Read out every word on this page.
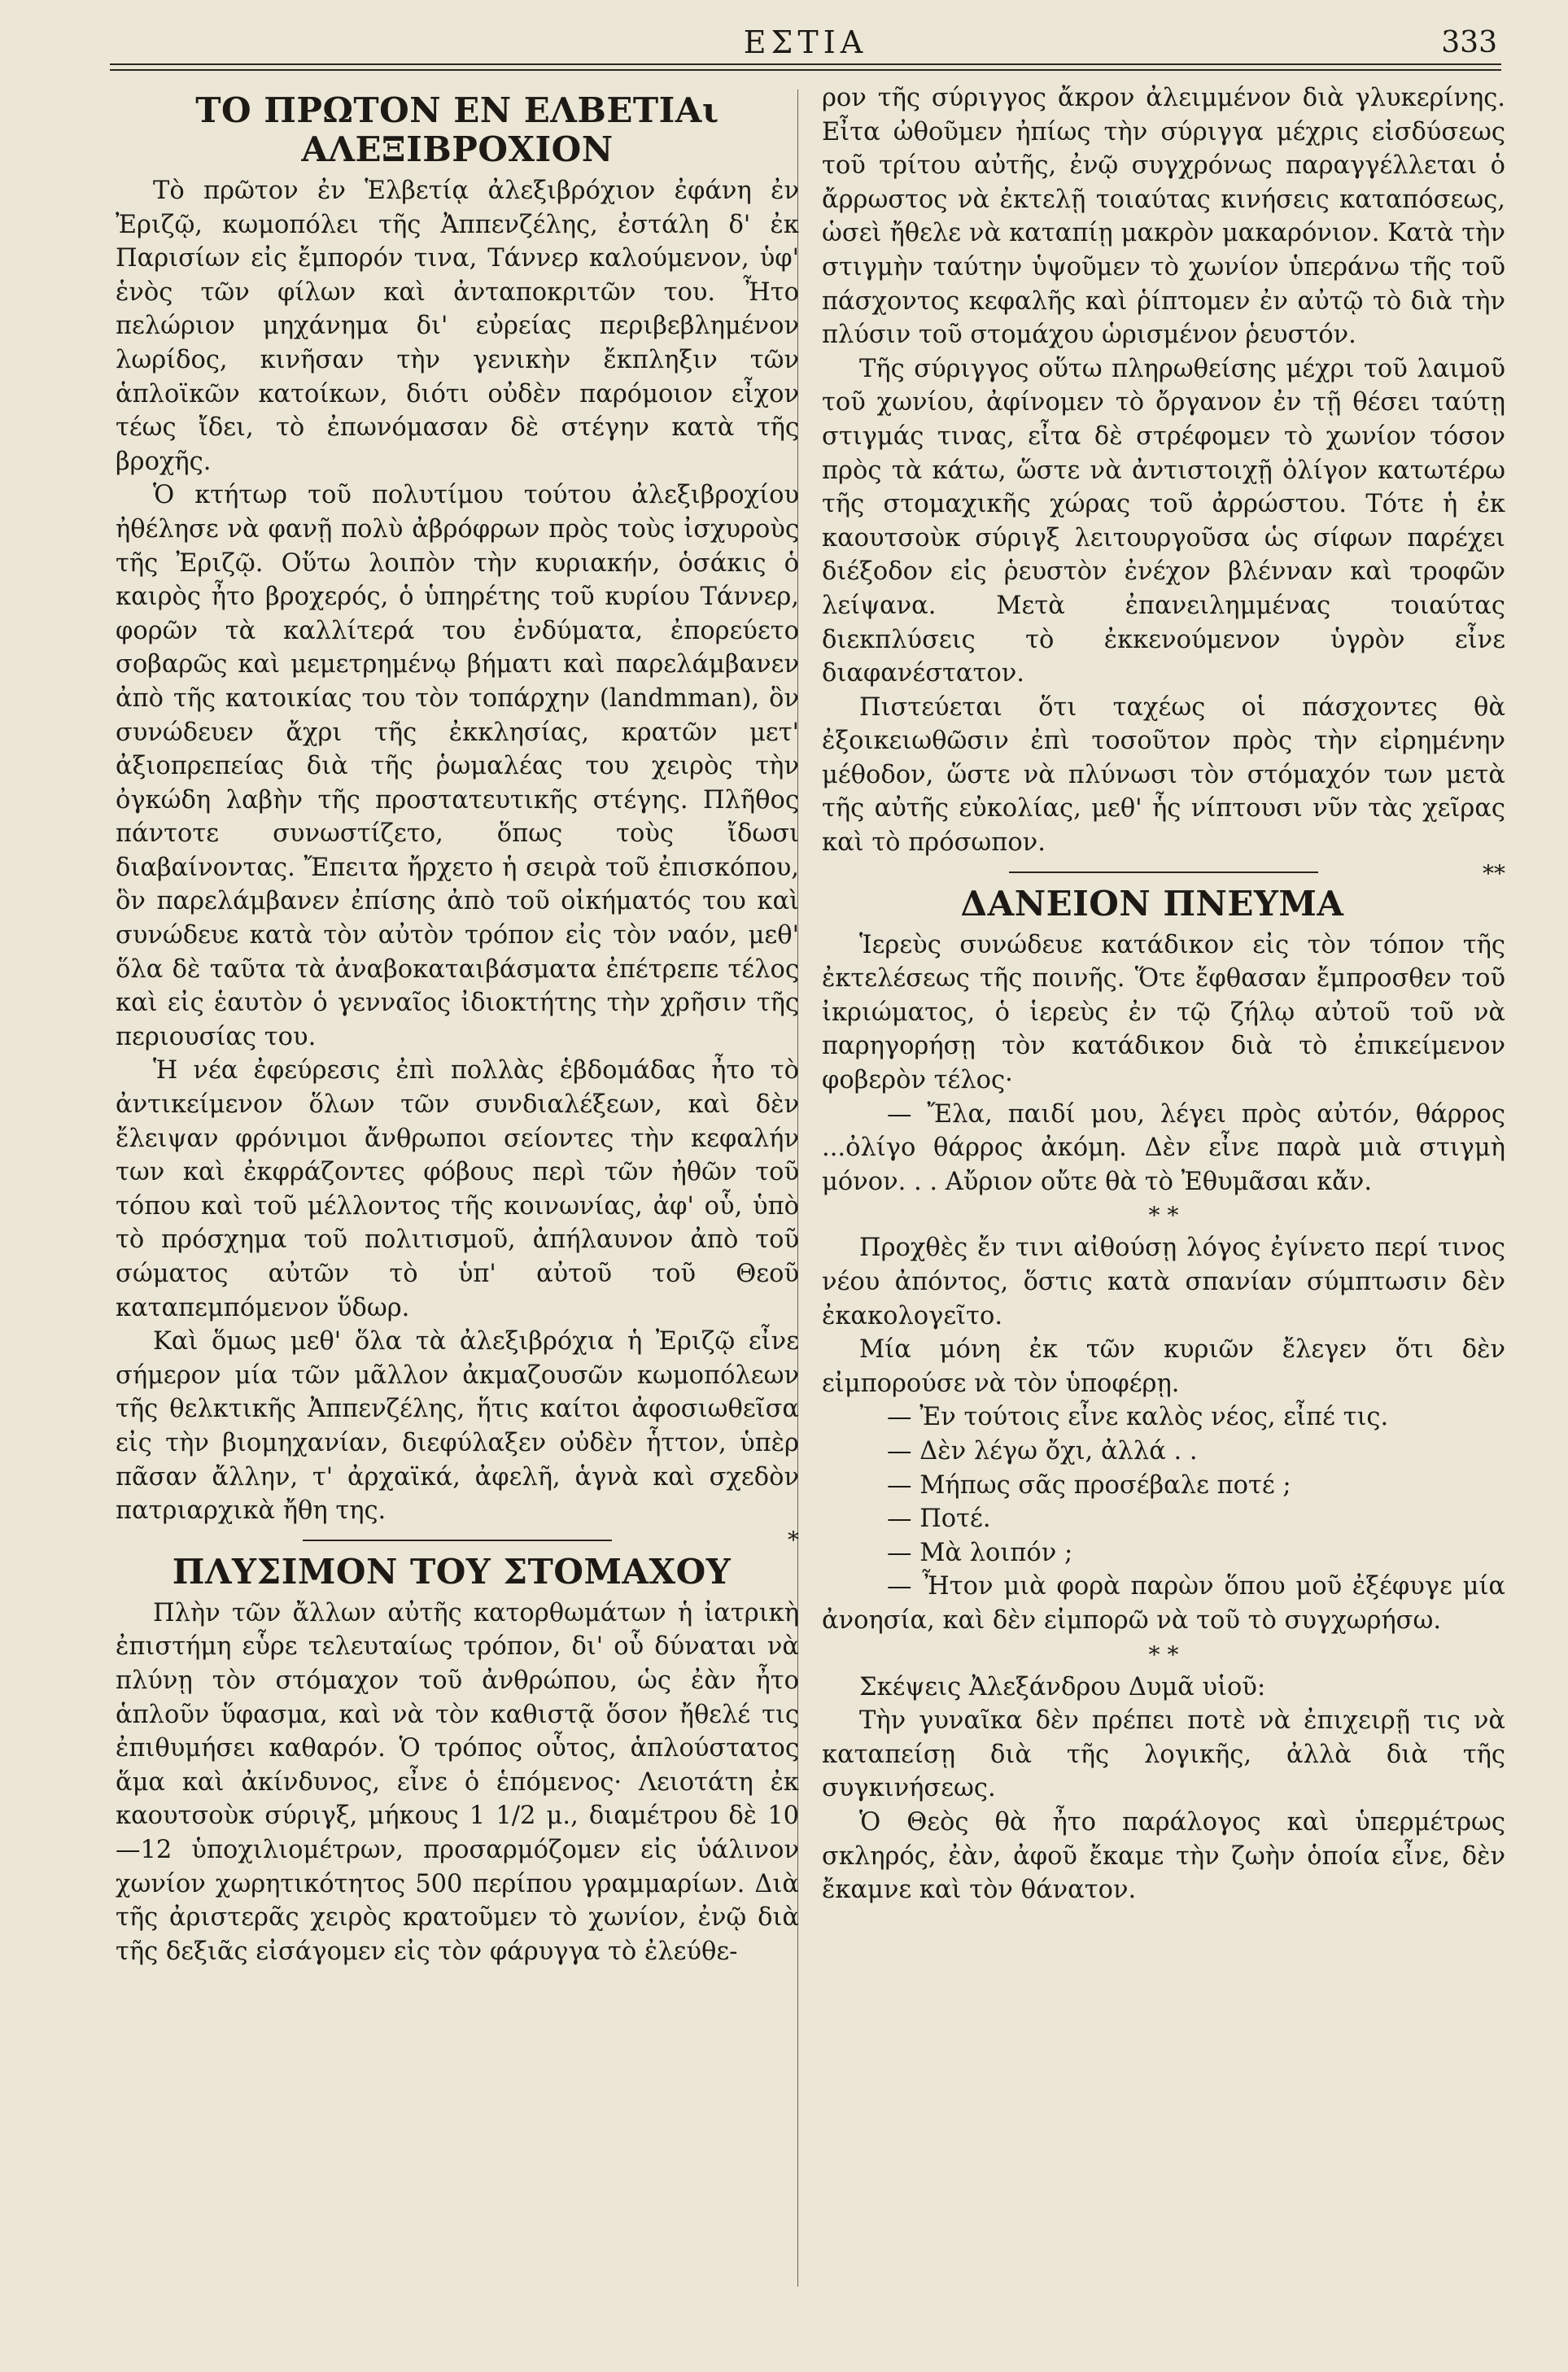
ΕΣΤΙΑ	333
ΤΟ ΠΡΩΤΟΝ ΕΝ ΕΛΒΕΤΙΑι ΑΛΕΞΙΒΡΟΧΙΟΝ

Τὸ πρῶτον ἐν Ἑλβετίᾳ ἀλεξιβρόχιον ἐφάνη ἐν Ἐριζῷ, κωμοπόλει τῆς Ἀππενζέλης, ἐστάλη δ' ἐκ Παρισίων εἰς ἔμπορόν τινα, Τάννερ καλούμενον, ὑφ' ἑνὸς τῶν φίλων καὶ ἀνταποκριτῶν του. Ἦτο πελώριον μηχάνημα δι' εὐρείας περιβεβλημένον λωρίδος, κινῆσαν τὴν γενικὴν ἔκπληξιν τῶν ἁπλοϊκῶν κατοίκων, διότι οὐδὲν παρόμοιον εἶχον τέως ἴδει, τὸ ἐπωνόμασαν δὲ στέγην κατὰ τῆς βροχῆς.

Ὁ κτήτωρ τοῦ πολυτίμου τούτου ἀλεξιβροχίου ἠθέλησε νὰ φανῇ πολὺ ἀβρόφρων πρὸς τοὺς ἰσχυροὺς τῆς Ἐριζῷ. Οὕτω λοιπὸν τὴν κυριακήν, ὁσάκις ὁ καιρὸς ἦτο βροχερός, ὁ ὑπηρέτης τοῦ κυρίου Τάννερ, φορῶν τὰ καλλίτερά του ἐνδύματα, ἐπορεύετο σοβαρῶς καὶ μεμετρημένῳ βήματι καὶ παρελάμβανεν ἀπὸ τῆς κατοικίας του τὸν τοπάρχην (landmman), ὃν συνώδευεν ἄχρι τῆς ἐκκλησίας, κρατῶν μετ' ἀξιοπρεπείας διὰ τῆς ῥωμαλέας του χειρὸς τὴν ὀγκώδη λαβὴν τῆς προστατευτικῆς στέγης. Πλῆθος πάντοτε συνωστίζετο, ὅπως τοὺς ἴδωσι διαβαίνοντας. Ἔπειτα ἤρχετο ἡ σειρὰ τοῦ ἐπισκόπου, ὃν παρελάμβανεν ἐπίσης ἀπὸ τοῦ οἰκήματός του καὶ συνώδευε κατὰ τὸν αὐτὸν τρόπον εἰς τὸν ναόν, μεθ' ὅλα δὲ ταῦτα τὰ ἀναβοκαταιβάσματα ἐπέτρεπε τέλος καὶ εἰς ἑαυτὸν ὁ γενναῖος ἰδιοκτήτης τὴν χρῆσιν τῆς περιουσίας του.

Ἡ νέα ἐφεύρεσις ἐπὶ πολλὰς ἑβδομάδας ἦτο τὸ ἀντικείμενον ὅλων τῶν συνδιαλέξεων, καὶ δὲν ἔλειψαν φρόνιμοι ἄνθρωποι σείοντες τὴν κεφαλήν των καὶ ἐκφράζοντες φόβους περὶ τῶν ἠθῶν τοῦ τόπου καὶ τοῦ μέλλοντος τῆς κοινωνίας, ἀφ' οὗ, ὑπὸ τὸ πρόσχημα τοῦ πολιτισμοῦ, ἀπήλαυνον ἀπὸ τοῦ σώματος αὐτῶν τὸ ὑπ' αὐτοῦ τοῦ Θεοῦ καταπεμπόμενον ὕδωρ.

Καὶ ὅμως μεθ' ὅλα τὰ ἀλεξιβρόχια ἡ Ἐριζῷ εἶνε σήμερον μία τῶν μᾶλλον ἀκμαζουσῶν κωμοπόλεων τῆς θελκτικῆς Ἀππενζέλης, ἥτις καίτοι ἀφοσιωθεῖσα εἰς τὴν βιομηχανίαν, διεφύλαξεν οὐδὲν ἧττον, ὑπὲρ πᾶσαν ἄλλην, τ' ἀρχαϊκά, ἀφελῆ, ἁγνὰ καὶ σχεδὸν πατριαρχικὰ ἤθη της.

*
ΠΛΥΣΙΜΟΝ ΤΟΥ ΣΤΟΜΑΧΟΥ

Πλὴν τῶν ἄλλων αὐτῆς κατορθωμάτων ἡ ἰατρικὴ ἐπιστήμη εὗρε τελευταίως τρόπον, δι' οὗ δύναται νὰ πλύνῃ τὸν στόμαχον τοῦ ἀνθρώπου, ὡς ἐὰν ἦτο ἁπλοῦν ὕφασμα, καὶ νὰ τὸν καθιστᾷ ὅσον ἤθελέ τις ἐπιθυμήσει καθαρόν. Ὁ τρόπος οὗτος, ἁπλούστατος ἅμα καὶ ἀκίνδυνος, εἶνε ὁ ἑπόμενος· Λειοτάτη ἐκ καουτσοὺκ σύριγξ, μήκους 1 1/2 μ., διαμέτρου δὲ 10—12 ὑποχιλιομέτρων, προσαρμόζομεν εἰς ὑάλινον χωνίον χωρητικότητος 500 περίπου γραμμαρίων. Διὰ τῆς ἀριστερᾶς χειρὸς κρατοῦμεν τὸ χωνίον, ἐνῷ διὰ τῆς δεξιᾶς εἰσάγομεν εἰς τὸν φάρυγγα τὸ ἐλεύθε-

ρον τῆς σύριγγος ἄκρον ἀλειμμένον διὰ γλυκερίνης. Εἶτα ὠθοῦμεν ἠπίως τὴν σύριγγα μέχρις εἰσδύσεως τοῦ τρίτου αὐτῆς, ἐνῷ συγχρόνως παραγγέλλεται ὁ ἄρρωστος νὰ ἐκτελῇ τοιαύτας κινήσεις καταπόσεως, ὡσεὶ ἤθελε νὰ καταπίῃ μακρὸν μακαρόνιον. Κατὰ τὴν στιγμὴν ταύτην ὑψοῦμεν τὸ χωνίον ὑπεράνω τῆς τοῦ πάσχοντος κεφαλῆς καὶ ῥίπτομεν ἐν αὐτῷ τὸ διὰ τὴν πλύσιν τοῦ στομάχου ὡρισμένον ῥευστόν.

Τῆς σύριγγος οὕτω πληρωθείσης μέχρι τοῦ λαιμοῦ τοῦ χωνίου, ἀφίνομεν τὸ ὄργανον ἐν τῇ θέσει ταύτῃ στιγμάς τινας, εἶτα δὲ στρέφομεν τὸ χωνίον τόσον πρὸς τὰ κάτω, ὥστε νὰ ἀντιστοιχῇ ὀλίγον κατωτέρω τῆς στομαχικῆς χώρας τοῦ ἀρρώστου. Τότε ἡ ἐκ καουτσοὺκ σύριγξ λειτουργοῦσα ὡς σίφων παρέχει διέξοδον εἰς ῥευστὸν ἐνέχον βλένναν καὶ τροφῶν λείψανα. Μετὰ ἐπανειλημμένας τοιαύτας διεκπλύσεις τὸ ἐκκενούμενον ὑγρὸν εἶνε διαφανέστατον.

Πιστεύεται ὅτι ταχέως οἱ πάσχοντες θὰ ἐξοικειωθῶσιν ἐπὶ τοσοῦτον πρὸς τὴν εἰρημένην μέθοδον, ὥστε νὰ πλύνωσι τὸν στόμαχόν των μετὰ τῆς αὐτῆς εὐκολίας, μεθ' ἧς νίπτουσι νῦν τὰς χεῖρας καὶ τὸ πρόσωπον.

**
ΔΑΝΕΙΟΝ ΠΝΕΥΜΑ

Ἱερεὺς συνώδευε κατάδικον εἰς τὸν τόπον τῆς ἐκτελέσεως τῆς ποινῆς. Ὅτε ἔφθασαν ἔμπροσθεν τοῦ ἰκριώματος, ὁ ἱερεὺς ἐν τῷ ζήλῳ αὐτοῦ τοῦ νὰ παρηγορήσῃ τὸν κατάδικον διὰ τὸ ἐπικείμενον φοβερὸν τέλος·

— Ἔλα, παιδί μου, λέγει πρὸς αὐτόν, θάρρος ...ὀλίγο θάρρος ἀκόμη. Δὲν εἶνε παρὰ μιὰ στιγμὴ μόνον. . . Αὔριον οὔτε θὰ τὸ Ἐθυμᾶσαι κἄν.

* *

Προχθὲς ἔν τινι αἰθούσῃ λόγος ἐγίνετο περί τινος νέου ἀπόντος, ὅστις κατὰ σπανίαν σύμπτωσιν δὲν ἐκακολογεῖτο.

Μία μόνη ἐκ τῶν κυριῶν ἔλεγεν ὅτι δὲν εἰμπορούσε νὰ τὸν ὑποφέρῃ.

— Ἐν τούτοις εἶνε καλὸς νέος, εἶπέ τις.

— Δὲν λέγω ὄχι, ἀλλά . .

— Μήπως σᾶς προσέβαλε ποτέ ;

— Ποτέ.

— Μὰ λοιπόν ;

— Ἦτον μιὰ φορὰ παρὼν ὅπου μοῦ ἐξέφυγε μία ἀνοησία, καὶ δὲν εἰμπορῶ νὰ τοῦ τὸ συγχωρήσω.

* *

Σκέψεις Ἀλεξάνδρου Δυμᾶ υἱοῦ:

Τὴν γυναῖκα δὲν πρέπει ποτὲ νὰ ἐπιχειρῇ τις νὰ καταπείσῃ διὰ τῆς λογικῆς, ἀλλὰ διὰ τῆς συγκινήσεως.

Ὁ Θεὸς θὰ ἦτο παράλογος καὶ ὑπερμέτρως σκληρός, ἐὰν, ἀφοῦ ἔκαμε τὴν ζωὴν ὁποία εἶνε, δὲν ἔκαμνε καὶ τὸν θάνατον.
